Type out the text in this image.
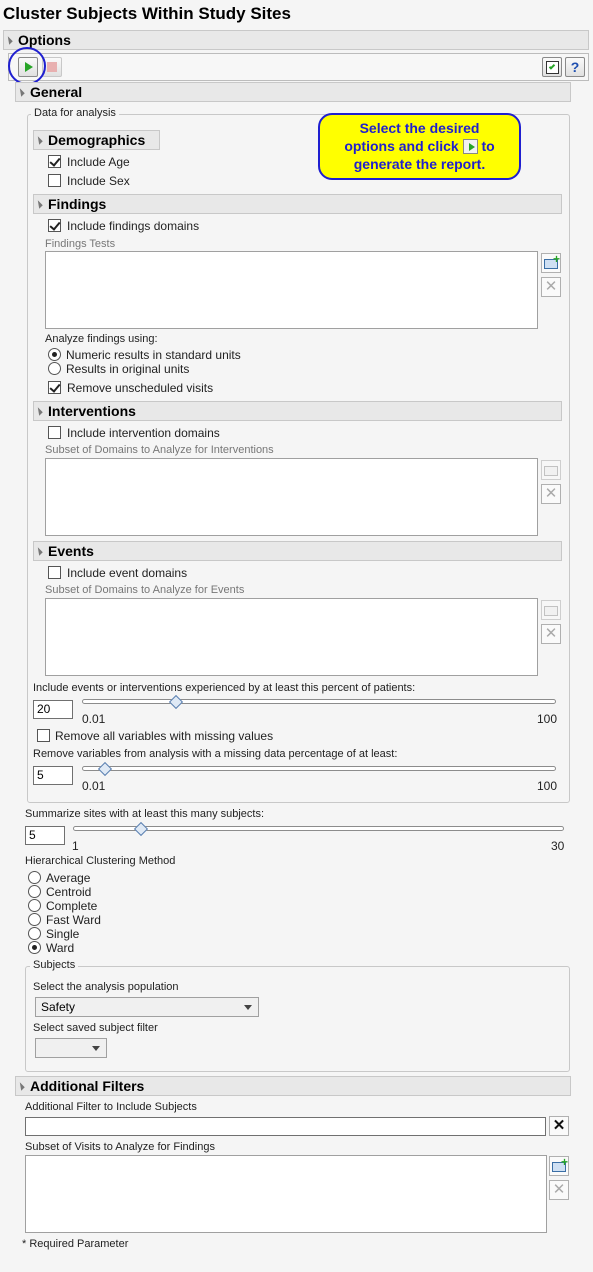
Cluster Subjects Within Study Sites
Options
?
General
Data for analysis
Select the desired
options and click to
generate the report.
Demographics
Include Age
Include Sex
Findings
Include findings domains
Findings Tests
+
✕
Analyze findings using:
Numeric results in standard units
Results in original units
Remove unscheduled visits
Interventions
Include intervention domains
Subset of Domains to Analyze for Interventions
✕
Events
Include event domains
Subset of Domains to Analyze for Events
✕
Include events or interventions experienced by at least this percent of patients:
20
0.01	100
Remove all variables with missing values
Remove variables from analysis with a missing data percentage of at least:
5
0.01	100
Summarize sites with at least this many subjects:
5
1	30
Hierarchical Clustering Method
Average
Centroid
Complete
Fast Ward
Single
Ward
Subjects
Select the analysis population
Safety
Select saved subject filter
Additional Filters
Additional Filter to Include Subjects
✕
Subset of Visits to Analyze for Findings
+
✕
* Required Parameter
